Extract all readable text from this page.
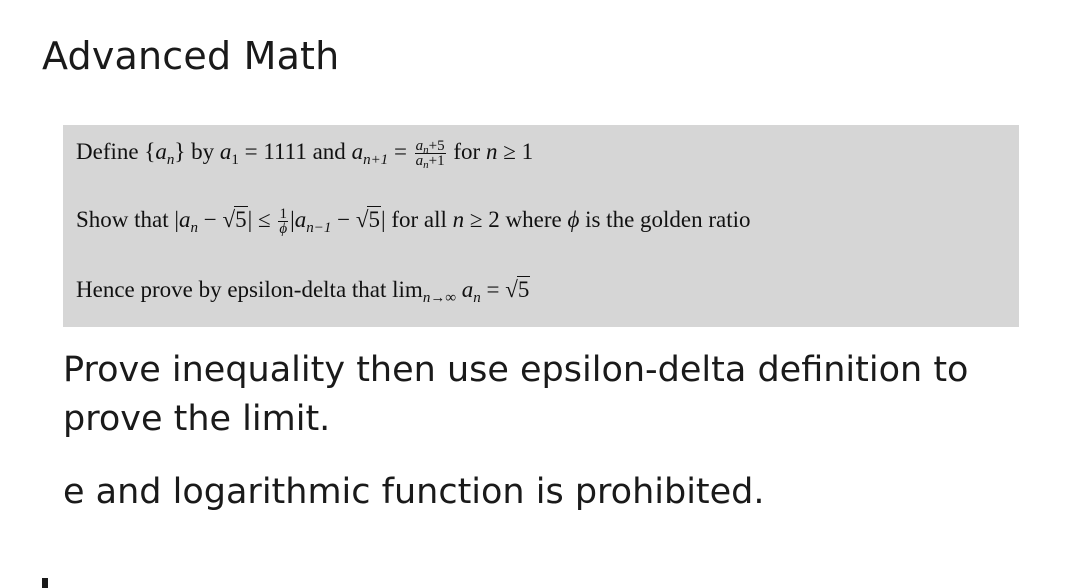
Advanced Math
Define $\{a_n\}$ by $a_1 = 1111$ and $a_{n+1} = \frac{a_n+5}{a_n+1}$ for n ≥ 1
Show that $|a_n - √5| \le \frac{1}{\phi} |a_{n-1} - √5|$ for all n ≥ 2 where ϕ is the golden ratio
Hence prove by epsilon-delta that $\lim_{n\to\infty} a_n = √5$
Prove inequality then use epsilon-delta definition to prove the limit.
e and logarithmic function is prohibited.
